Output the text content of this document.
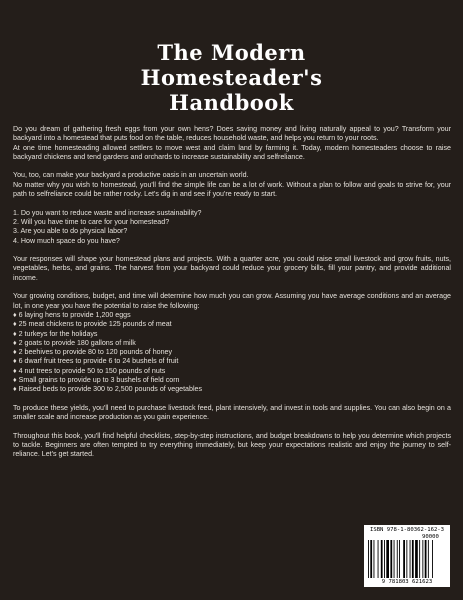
The Modern
Homesteader's
Handbook

Do you dream of gathering fresh eggs from your own hens? Does saving money and living naturally appeal to you? Transform your backyard into a homestead that puts food on the table, reduces household waste, and helps you return to your roots.

At one time homesteading allowed settlers to move west and claim land by farming it. Today, modern homesteaders choose to raise backyard chickens and tend gardens and orchards to increase sustainability and selfreliance.

You, too, can make your backyard a productive oasis in an uncertain world.

No matter why you wish to homestead, you'll find the simple life can be a lot of work. Without a plan to follow and goals to strive for, your path to selfreliance could be rather rocky. Let's dig in and see if you're ready to start.

1. Do you want to reduce waste and increase sustainability?
2. Will you have time to care for your homestead?
3. Are you able to do physical labor?
4. How much space do you have?

Your responses will shape your homestead plans and projects. With a quarter acre, you could raise small livestock and grow fruits, nuts, vegetables, herbs, and grains. The harvest from your backyard could reduce your grocery bills, fill your pantry, and provide additional income.

Your growing conditions, budget, and time will determine how much you can grow. Assuming you have average conditions and an average lot, in one year you have the potential to raise the following:

♦ 6 laying hens to provide 1,200 eggs
♦ 25 meat chickens to provide 125 pounds of meat
♦ 2 turkeys for the holidays
♦ 2 goats to provide 180 gallons of milk
♦ 2 beehives to provide 80 to 120 pounds of honey
♦ 6 dwarf fruit trees to provide 6 to 24 bushels of fruit
♦ 4 nut trees to provide 50 to 150 pounds of nuts
♦ Small grains to provide up to 3 bushels of field corn
♦ Raised beds to provide 300 to 2,500 pounds of vegetables

To produce these yields, you'll need to purchase livestock feed, plant intensively, and invest in tools and supplies. You can also begin on a smaller scale and increase production as you gain experience.

Throughout this book, you'll find helpful checklists, step-by-step instructions, and budget breakdowns to help you determine which projects to tackle. Beginners are often tempted to try everything immediately, but keep your expectations realistic and enjoy the journey to self-reliance. Let's get started.

ISBN 978-1-80362-162-3
90000
9 781803 621623
